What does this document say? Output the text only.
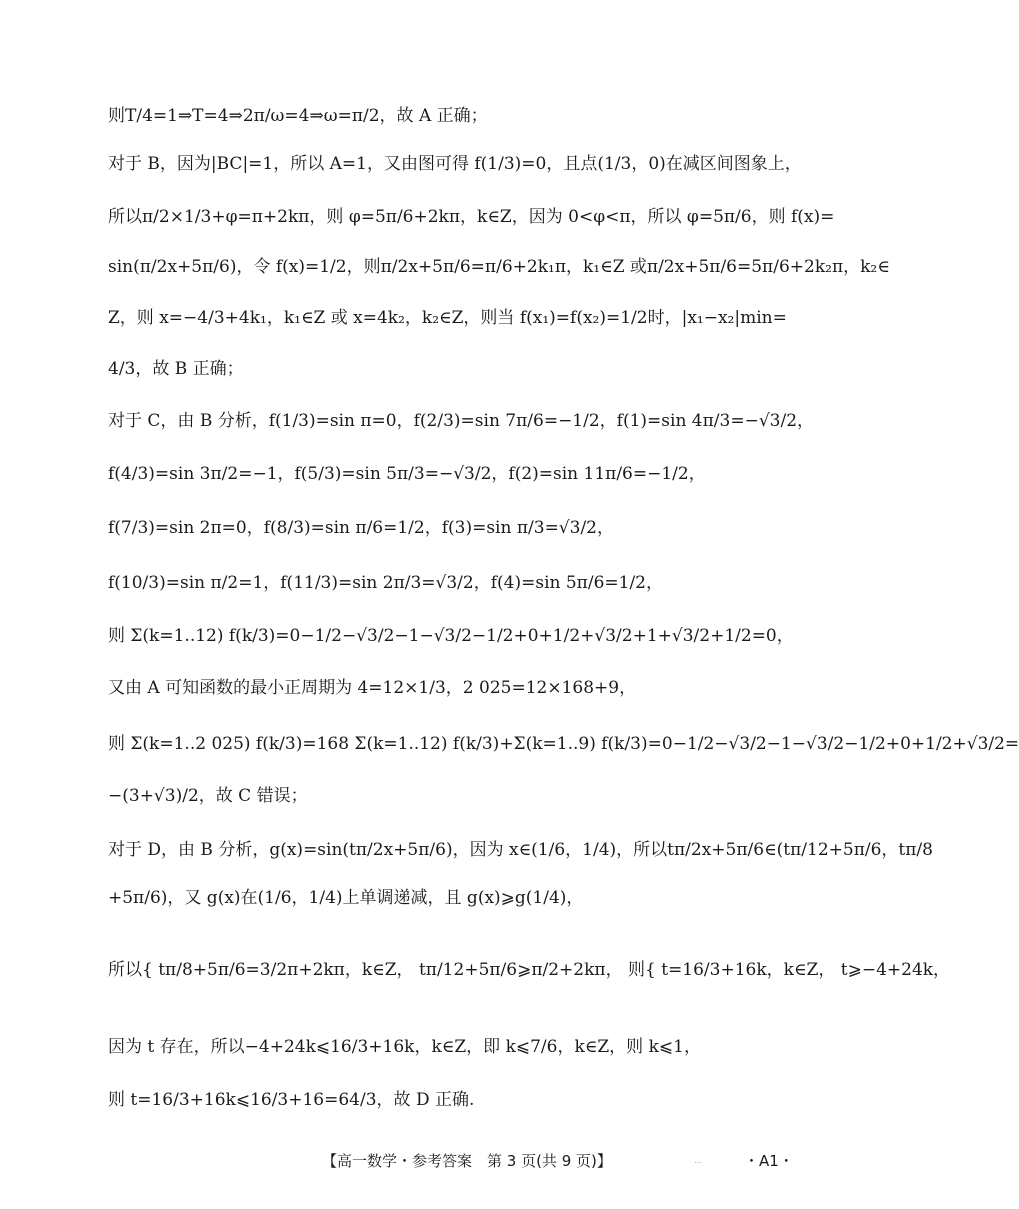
则T/4=1⇒T=4⇒2π/ω=4⇒ω=π/2，故 A 正确；
对于 B，因为|BC|=1，所以 A=1，又由图可得 f(1/3)=0，且点(1/3，0)在减区间图象上，
所以π/2×1/3+φ=π+2kπ，则 φ=5π/6+2kπ，k∈Z，因为 0<φ<π，所以 φ=5π/6，则 f(x)=
sin(π/2x+5π/6)，令 f(x)=1/2，则π/2x+5π/6=π/6+2k₁π，k₁∈Z 或π/2x+5π/6=5π/6+2k₂π，k₂∈
Z，则 x=−4/3+4k₁，k₁∈Z 或 x=4k₂，k₂∈Z，则当 f(x₁)=f(x₂)=1/2时，|x₁−x₂|min=
4/3，故 B 正确；
对于 C，由 B 分析，f(1/3)=sin π=0，f(2/3)=sin 7π/6=−1/2，f(1)=sin 4π/3=−√3/2，
f(4/3)=sin 3π/2=−1，f(5/3)=sin 5π/3=−√3/2，f(2)=sin 11π/6=−1/2，
f(7/3)=sin 2π=0，f(8/3)=sin π/6=1/2，f(3)=sin π/3=√3/2，
f(10/3)=sin π/2=1，f(11/3)=sin 2π/3=√3/2，f(4)=sin 5π/6=1/2，
则 Σ(k=1..12) f(k/3)=0−1/2−√3/2−1−√3/2−1/2+0+1/2+√3/2+1+√3/2+1/2=0，
又由 A 可知函数的最小正周期为 4=12×1/3，2 025=12×168+9，
则 Σ(k=1..2 025) f(k/3)=168 Σ(k=1..12) f(k/3)+Σ(k=1..9) f(k/3)=0−1/2−√3/2−1−√3/2−1/2+0+1/2+√3/2=
−(3+√3)/2，故 C 错误；
对于 D，由 B 分析，g(x)=sin(tπ/2x+5π/6)，因为 x∈(1/6，1/4)，所以tπ/2x+5π/6∈(tπ/12+5π/6，tπ/8
+5π/6)，又 g(x)在(1/6，1/4)上单调递减，且 g(x)⩾g(1/4)，
所以{ tπ/8+5π/6=3/2π+2kπ，k∈Z， tπ/12+5π/6⩾π/2+2kπ， 则{ t=16/3+16k，k∈Z， t⩾−4+24k，
因为 t 存在，所以−4+24k⩽16/3+16k，k∈Z，即 k⩽7/6，k∈Z，则 k⩽1，
则 t=16/3+16k⩽16/3+16=64/3，故 D 正确.
【高一数学・参考答案　第 3 页(共 9 页)】	…	・A1・
